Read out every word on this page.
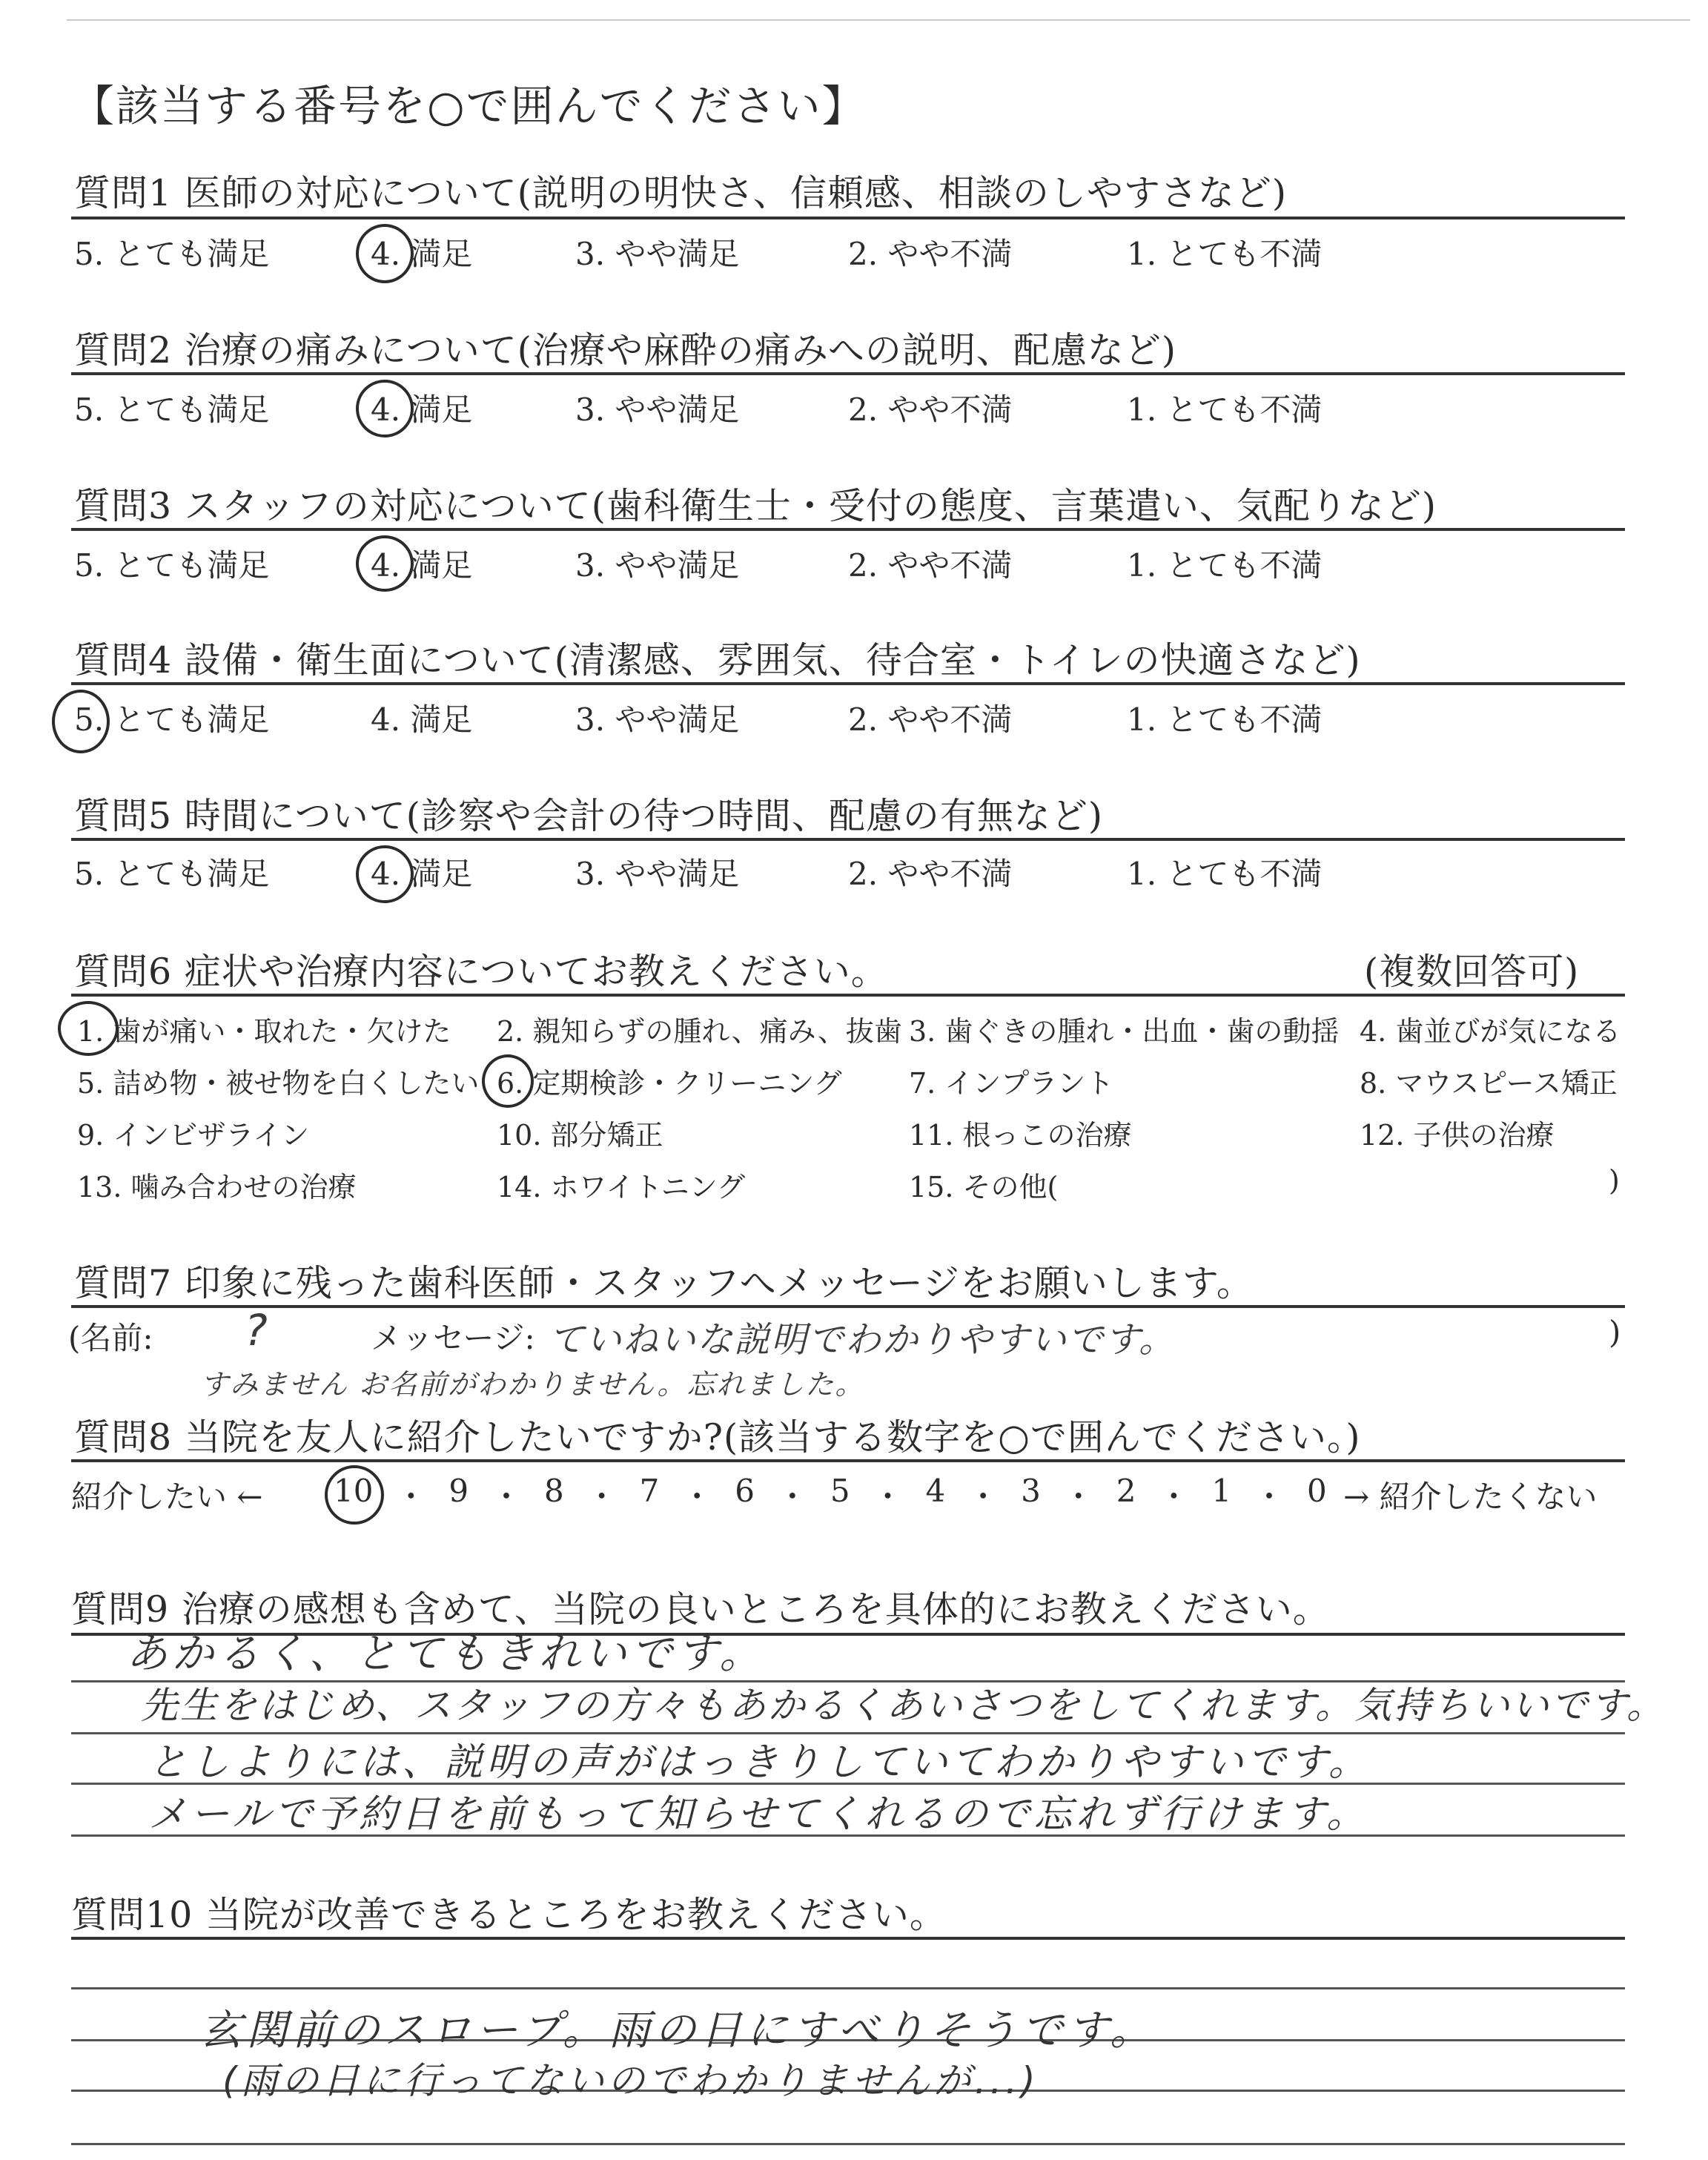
【該当する番号を○で囲んでください】
質問1 医師の対応について(説明の明快さ、信頼感、相談のしやすさなど)
5. とても満足	4. 満足	3. やや満足	2. やや不満	1. とても不満
質問2 治療の痛みについて(治療や麻酔の痛みへの説明、配慮など)
5. とても満足	4. 満足	3. やや満足	2. やや不満	1. とても不満
質問3 スタッフの対応について(歯科衛生士・受付の態度、言葉遣い、気配りなど)
5. とても満足	4. 満足	3. やや満足	2. やや不満	1. とても不満
質問4 設備・衛生面について(清潔感、雰囲気、待合室・トイレの快適さなど)
5. とても満足	4. 満足	3. やや満足	2. やや不満	1. とても不満
質問5 時間について(診察や会計の待つ時間、配慮の有無など)
5. とても満足	4. 満足	3. やや満足	2. やや不満	1. とても不満
質問6 症状や治療内容についてお教えください。	(複数回答可)
1. 歯が痛い・取れた・欠けた 2. 親知らずの腫れ、痛み、抜歯 3. 歯ぐきの腫れ・出血・歯の動揺 4. 歯並びが気になる
5. 詰め物・被せ物を白くしたい 6. 定期検診・クリーニング 7. インプラント	8. マウスピース矯正
9. インビザライン	10. 部分矯正	11. 根っこの治療	12. 子供の治療
13. 噛み合わせの治療	14. ホワイトニング	15. その他(	)
質問7 印象に残った歯科医師・スタッフへメッセージをお願いします。
(名前: ?	メッセージ: ていねいな説明でわかりやすいです。	)
すみません お名前がわかりません。忘れました。
質問8 当院を友人に紹介したいですか?(該当する数字を○で囲んでください。)
紹介したい ← 10 ・ 9 ・ 8 ・ 7 ・ 6 ・ 5 ・ 4 ・ 3 ・ 2 ・ 1 ・ 0 → 紹介したくない
質問9 治療の感想も含めて、当院の良いところを具体的にお教えください。
あかるく、とてもきれいです。
先生をはじめ、スタッフの方々もあかるくあいさつをしてくれます。気持ちいいです。
としよりには、説明の声がはっきりしていてわかりやすいです。
メールで予約日を前もって知らせてくれるので忘れず行けます。
質問10 当院が改善できるところをお教えください。
玄関前のスロープ。雨の日にすべりそうです。
(雨の日に行ってないのでわかりませんが...)
